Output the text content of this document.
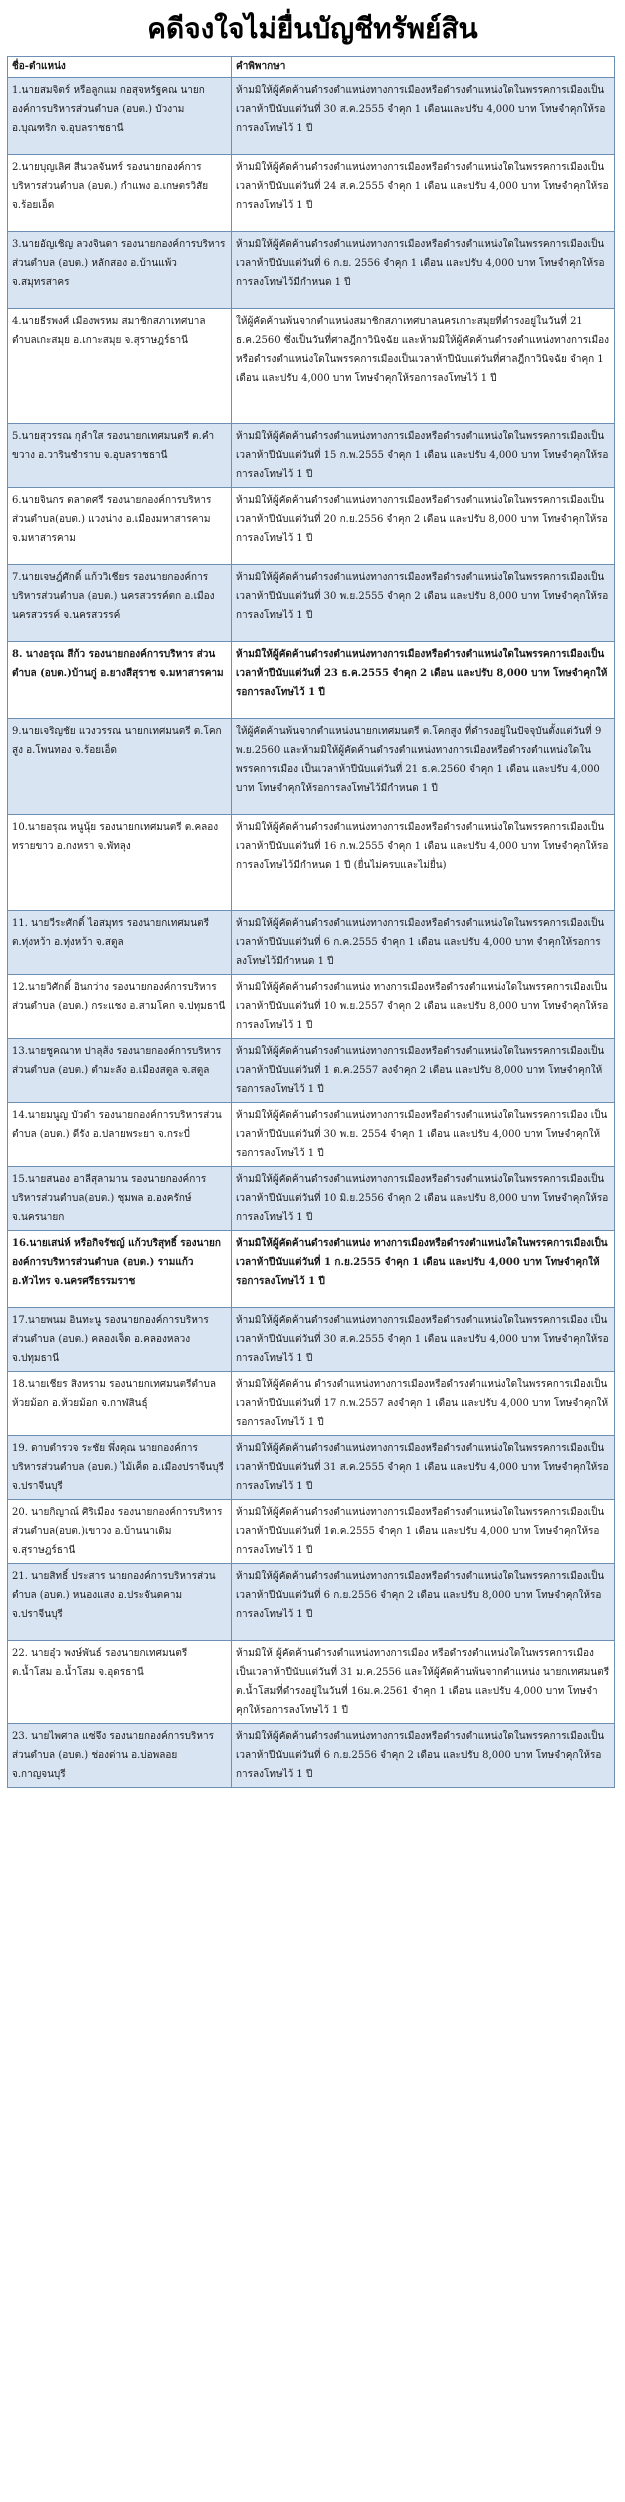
คดีจงใจไม่ยื่นบัญชีทรัพย์สิน
ชื่อ-ตำแหน่ง	คำพิพากษา
1.นายสมจิตร์ หรือลูกแม กอสุจหรัฐคณ นายกองค์การบริหารส่วนตำบล (อบต.) บัวงาม อ.บุณฑริก จ.อุบลราชธานี	ห้ามมิให้ผู้คัดค้านดำรงตำแหน่งทางการเมืองหรือดำรงตำแหน่งใดในพรรคการเมืองเป็นเวลาห้าปีนับแต่วันที่ 30 ส.ค.2555 จำคุก 1 เดือนและปรับ 4,000 บาท โทษจำคุกให้รอการลงโทษไว้ 1 ปี
2.นายบุญเลิศ สีนวลจันทร์ รองนายกองค์การบริหารส่วนตำบล (อบต.) กำแพง อ.เกษตรวิสัย จ.ร้อยเอ็ด	ห้ามมิให้ผู้คัดค้านดำรงตำแหน่งทางการเมืองหรือดำรงตำแหน่งใดในพรรคการเมืองเป็นเวลาห้าปีนับแต่วันที่ 24 ส.ค.2555 จำคุก 1 เดือน และปรับ 4,000 บาท โทษจำคุกให้รอการลงโทษไว้ 1 ปี
3.นายอัญเชิญ ลวงจินดา รองนายกองค์การบริหารส่วนตำบล (อบต.) หลักสอง อ.บ้านแพ้ว จ.สมุทรสาคร	ห้ามมิให้ผู้คัดค้านดำรงตำแหน่งทางการเมืองหรือดำรงตำแหน่งใดในพรรคการเมืองเป็นเวลาห้าปีนับแต่วันที่ 6 ก.ย. 2556 จำคุก 1 เดือน และปรับ 4,000 บาท โทษจำคุกให้รอการลงโทษไว้มีกำหนด 1 ปี
4.นายธีรพงศ์ เมืองพรหม สมาชิกสภาเทศบาลตำบลเกะสมุย อ.เกาะสมุย จ.สุราษฎร์ธานี	ให้ผู้คัดค้านพ้นจากตำแหน่งสมาชิกสภาเทศบาลนครเกาะสมุยที่ดำรงอยู่ในวันที่ 21 ธ.ค.2560 ซึ่งเป็นวันที่ศาลฎีกาวินิจฉัย และห้ามมิให้ผู้คัดค้านดำรงตำแหน่งทางการเมืองหรือดำรงตำแหน่งใดในพรรคการเมืองเป็นเวลาห้าปีนับแต่วันที่ศาลฎีกาวินิจฉัย จำคุก 1 เดือน และปรับ 4,000 บาท โทษจำคุกให้รอการลงโทษไว้ 1 ปี
5.นายสุวรรณ กุลำใส รองนายกเทศมนตรี ต.คำขวาง อ.วารินชำราบ จ.อุบลราชธานี	ห้ามมิให้ผู้คัดค้านดำรงตำแหน่งทางการเมืองหรือดำรงตำแหน่งใดในพรรคการเมืองเป็นเวลาห้าปีนับแต่วันที่ 15 ก.พ.2555 จำคุก 1 เดือน และปรับ 4,000 บาท โทษจำคุกให้รอการลงโทษไว้ 1 ปี
6.นายจินกร ตลาดศรี รองนายกองค์การบริหารส่วนตำบล(อบต.) แวงน่าง อ.เมืองมหาสารคาม จ.มหาสารคาม	ห้ามมิให้ผู้คัดค้านดำรงตำแหน่งทางการเมืองหรือดำรงตำแหน่งใดในพรรคการเมืองเป็นเวลาห้าปีนับแต่วันที่ 20 ก.ย.2556 จำคุก 2 เดือน และปรับ 8,000 บาท โทษจำคุกให้รอการลงโทษไว้ 1 ปี
7.นายเจษฎ์ศักดิ์ แก้ววิเชียร รองนายกองค์การบริหารส่วนตำบล (อบต.) นครสวรรค์ตก อ.เมืองนครสวรรค์ จ.นครสวรรค์	ห้ามมิให้ผู้คัดค้านดำรงตำแหน่งทางการเมืองหรือดำรงตำแหน่งใดในพรรคการเมืองเป็นเวลาห้าปีนับแต่วันที่ 30 พ.ย.2555 จำคุก 2 เดือน และปรับ 8,000 บาท โทษจำคุกให้รอการลงโทษไว้ 1 ปี
8. นางอรุณ สีก้ว รองนายกองค์การบริหาร ส่วนตำบล (อบต.)บ้านกู่ อ.ยางสีสุราช จ.มหาสารคาม	ห้ามมิให้ผู้คัดค้านดำรงตำแหน่งทางการเมืองหรือดำรงตำแหน่งใดในพรรคการเมืองเป็นเวลาห้าปีนับแต่วันที่ 23 ธ.ค.2555 จำคุก 2 เดือน และปรับ 8,000 บาท โทษจำคุกให้รอการลงโทษไว้ 1 ปี
9.นายเจริญชัย แวงวรรณ นายกเทศมนตรี ต.โคกสูง อ.โพนทอง จ.ร้อยเอ็ด	ให้ผู้คัดค้านพ้นจากตำแหน่งนายกเทศมนตรี ต.โคกสูง ที่ดำรงอยู่ในปัจจุบันตั้งแต่วันที่ 9 พ.ย.2560 และห้ามมิให้ผู้คัดค้านดำรงตำแหน่งทางการเมืองหรือดำรงตำแหน่งใดในพรรคการเมือง เป็นเวลาห้าปีนับแต่วันที่ 21 ธ.ค.2560 จำคุก 1 เดือน และปรับ 4,000 บาท โทษจำคุกให้รอการลงโทษไว้มีกำหนด 1 ปี
10.นายอรุณ หนูนุ้ย รองนายกเทศมนตรี ต.คลองทรายขาว อ.กงหรา จ.พัทลุง	ห้ามมิให้ผู้คัดค้านดำรงตำแหน่งทางการเมืองหรือดำรงตำแหน่งใดในพรรคการเมืองเป็นเวลาห้าปีนับแต่วันที่ 16 ก.พ.2555 จำคุก 1 เดือน และปรับ 4,000 บาท โทษจำคุกให้รอการลงโทษไว้มีกำหนด 1 ปี (ยื่นไม่ครบและไม่ยื่น)
11. นายวีระศักดิ์ ไอสมุทร รองนายกเทศมนตรี ต.ทุ่งหว้า อ.ทุ่งหว้า จ.สตูล	ห้ามมิให้ผู้คัดค้านดำรงตำแหน่งทางการเมืองหรือดำรงตำแหน่งใดในพรรคการเมืองเป็นเวลาห้าปีนับแต่วันที่ 6 ก.ค.2555 จำคุก 1 เดือน และปรับ 4,000 บาท จำคุกให้รอการลงโทษไว้มีกำหนด 1 ปี
12.นายวิศักดิ์ อินกว่าง รองนายกองค์การบริหารส่วนตำบล (อบต.) กระแชง อ.สามโคก จ.ปทุมธานี	ห้ามมิให้ผู้คัดค้านดำรงตำแหน่ง ทางการเมืองหรือดำรงตำแหน่งใดในพรรคการเมืองเป็นเวลาห้าปีนับแต่วันที่ 10 พ.ย.2557 จำคุก 2 เดือน และปรับ 8,000 บาท โทษจำคุกให้รอการลงโทษไว้ 1 ปี
13.นายชูคณาท ปาลุส้ง รองนายกองค์การบริหารส่วนตำบล (อบต.) ตำมะลัง อ.เมืองสตูล จ.สตูล	ห้ามมิให้ผู้คัดค้านดำรงตำแหน่งทางการเมืองหรือดำรงตำแหน่งใดในพรรคการเมืองเป็นเวลาห้าปีนับแต่วันที่ 1 ต.ค.2557 ลงจำคุก 2 เดือน และปรับ 8,000 บาท โทษจำคุกให้รอการลงโทษไว้ 1 ปี
14.นายมนูญ บัวดำ รองนายกองค์การบริหารส่วนตำบล (อบต.) ดีรัง อ.ปลายพระยา จ.กระบี่	ห้ามมิให้ผู้คัดค้านดำรงตำแหน่งทางการเมืองหรือดำรงตำแหน่งใดในพรรคการเมือง เป็นเวลาห้าปีนับแต่วันที่ 30 พ.ย. 2554 จำคุก 1 เดือน และปรับ 4,000 บาท โทษจำคุกให้รอการลงโทษไว้ 1 ปี
15.นายสนอง อาลีสุลามาน รองนายกองค์การบริหารส่วนตำบล(อบต.) ชุมพล อ.องครักษ์ จ.นครนายก	ห้ามมิให้ผู้คัดค้านดำรงตำแหน่งทางการเมืองหรือดำรงตำแหน่งใดในพรรคการเมืองเป็นเวลาห้าปีนับแต่วันที่ 10 มิ.ย.2556 จำคุก 2 เดือน และปรับ 8,000 บาท โทษจำคุกให้รอการลงโทษไว้ 1 ปี
16.นายเสน่ห์ หรือกิจรัชญ์ แก้วบริสุทธิ์ รองนายกองค์การบริหารส่วนตำบล (อบต.) รามแก้ว อ.หัวไทร จ.นครศรีธรรมราช	ห้ามมิให้ผู้คัดค้านดำรงตำแหน่ง ทางการเมืองหรือดำรงตำแหน่งใดในพรรคการเมืองเป็นเวลาห้าปีนับแต่วันที่ 1 ก.ย.2555 จำคุก 1 เดือน และปรับ 4,000 บาท โทษจำคุกให้รอการลงโทษไว้ 1 ปี
17.นายพนม อินทะนู รองนายกองค์การบริหารส่วนตำบล (อบต.) คลองเจ็ด อ.คลองหลวง จ.ปทุมธานี	ห้ามมิให้ผู้คัดค้านดำรงตำแหน่งทางการเมืองหรือดำรงตำแหน่งใดในพรรคการเมือง เป็นเวลาห้าปีนับแต่วันที่ 30 ส.ค.2555 จำคุก 1 เดือน และปรับ 4,000 บาท โทษจำคุกให้รอการลงโทษไว้ 1 ปี
18.นายเชียร สิงหราม รองนายกเทศมนตรีตำบลห้วยม้อก อ.ห้วยม้อก จ.กาฬสินธุ์	ห้ามมิให้ผู้คัดค้าน ดำรงตำแหน่งทางการเมืองหรือดำรงตำแหน่งใดในพรรคการเมืองเป็นเวลาห้าปีนับแต่วันที่ 17 ก.พ.2557 ลงจำคุก 1 เดือน และปรับ 4,000 บาท โทษจำคุกให้รอการลงโทษไว้ 1 ปี
19. ดาบตำรวจ ระชัย พึ่งคุณ นายกองค์การบริหารส่วนตำบล (อบต.) ไม้เค็ด อ.เมืองปราจีนบุรี จ.ปราจีนบุรี	ห้ามมิให้ผู้คัดค้านดำรงตำแหน่งทางการเมืองหรือดำรงตำแหน่งใดในพรรคการเมืองเป็นเวลาห้าปีนับแต่วันที่ 31 ส.ค.2555 จำคุก 1 เดือน และปรับ 4,000 บาท โทษจำคุกให้รอการลงโทษไว้ 1 ปี
20. นายกิญาณ์ ศิริเมือง รองนายกองค์การบริหารส่วนตำบล(อบต.)เขาวง อ.บ้านนาเดิม จ.สุราษฎร์ธานี	ห้ามมิให้ผู้คัดค้านดำรงตำแหน่งทางการเมืองหรือดำรงตำแหน่งใดในพรรคการเมืองเป็นเวลาห้าปีนับแต่วันที่ 1ต.ค.2555 จำคุก 1 เดือน และปรับ 4,000 บาท โทษจำคุกให้รอการลงโทษไว้ 1 ปี
21. นายสิทธิ์ ประสาร นายกองค์การบริหารส่วนตำบล (อบต.) หนองแสง อ.ประจันตคาม จ.ปราจีนบุรี	ห้ามมิให้ผู้คัดค้านดำรงตำแหน่งทางการเมืองหรือดำรงตำแหน่งใดในพรรคการเมืองเป็นเวลาห้าปีนับแต่วันที่ 6 ก.ย.2556 จำคุก 2 เดือน และปรับ 8,000 บาท โทษจำคุกให้รอการลงโทษไว้ 1 ปี
22. นายอุ๋ว พงษ์พันธ์ รองนายกเทศมนตรี ต.น้ำโสม อ.น้ำโสม จ.อุดรธานี	ห้ามมิให้ ผู้คัดค้านดำรงตำแหน่งทางการเมือง หรือดำรงตำแหน่งใดในพรรคการเมืองเป็นเวลาห้าปีนับแต่วันที่ 31 ม.ค.2556 และให้ผู้คัดค้านพ้นจากตำแหน่ง นายกเทศมนตรี ต.น้ำโสมที่ดำรงอยู่ในวันที่ 16ม.ค.2561 จำคุก 1 เดือน และปรับ 4,000 บาท โทษจำคุกให้รอการลงโทษไว้ 1 ปี
23. นายไพศาล แซ่จึง รองนายกองค์การบริหารส่วนตำบล (อบต.) ช่องด่าน อ.บ่อพลอย จ.กาญจนบุรี	ห้ามมิให้ผู้คัดค้านดำรงตำแหน่งทางการเมืองหรือดำรงตำแหน่งใดในพรรคการเมืองเป็นเวลาห้าปีนับแต่วันที่ 6 ก.ย.2556 จำคุก 2 เดือน และปรับ 8,000 บาท โทษจำคุกให้รอการลงโทษไว้ 1 ปี
